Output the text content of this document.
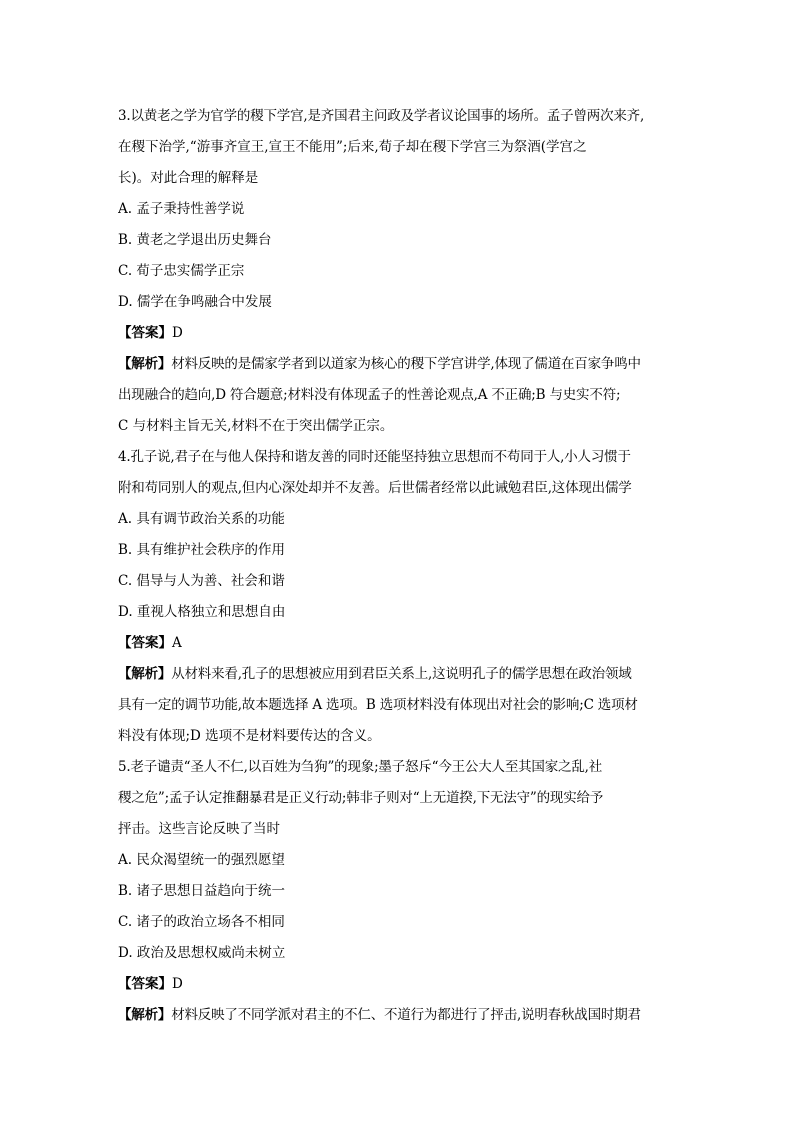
3.以黄老之学为官学的稷下学宫,是齐国君主问政及学者议论国事的场所。孟子曾两次来齐,
在稷下治学,“游事齐宣王,宣王不能用”;后来,荀子却在稷下学宫三为祭酒(学宫之
长)。对此合理的解释是
A. 孟子秉持性善学说
B. 黄老之学退出历史舞台
C. 荀子忠实儒学正宗
D. 儒学在争鸣融合中发展
【答案】D
【解析】材料反映的是儒家学者到以道家为核心的稷下学宫讲学,体现了儒道在百家争鸣中
出现融合的趋向,D 符合题意;材料没有体现孟子的性善论观点,A 不正确;B 与史实不符;
C 与材料主旨无关,材料不在于突出儒学正宗。
4.孔子说,君子在与他人保持和谐友善的同时还能坚持独立思想而不苟同于人,小人习惯于
附和苟同别人的观点,但内心深处却并不友善。后世儒者经常以此诫勉君臣,这体现出儒学
A. 具有调节政治关系的功能
B. 具有维护社会秩序的作用
C. 倡导与人为善、社会和谐
D. 重视人格独立和思想自由
【答案】A
【解析】从材料来看,孔子的思想被应用到君臣关系上,这说明孔子的儒学思想在政治领域
具有一定的调节功能,故本题选择 A 选项。B 选项材料没有体现出对社会的影响;C 选项材
料没有体现;D 选项不是材料要传达的含义。
5.老子谴责“圣人不仁,以百姓为刍狗”的现象;墨子怒斥“今王公大人至其国家之乱,社
稷之危”;孟子认定推翻暴君是正义行动;韩非子则对“上无道揆,下无法守”的现实给予
抨击。这些言论反映了当时
A. 民众渴望统一的强烈愿望
B. 诸子思想日益趋向于统一
C. 诸子的政治立场各不相同
D. 政治及思想权威尚未树立
【答案】D
【解析】材料反映了不同学派对君主的不仁、不道行为都进行了抨击,说明春秋战国时期君
